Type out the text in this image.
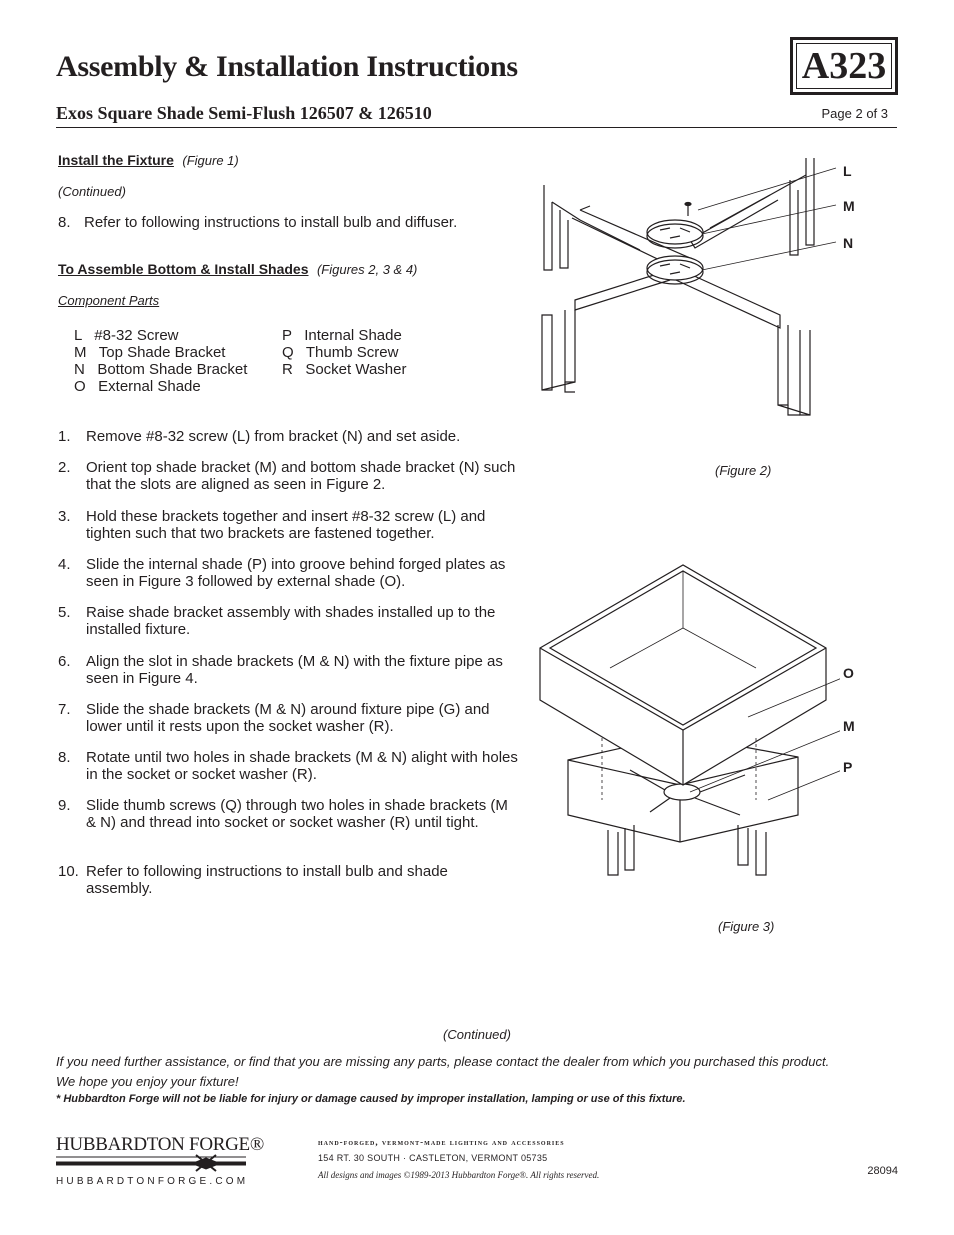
Assembly & Installation Instructions	A323
Exos Square Shade Semi-Flush 126507 & 126510	Page 2 of 3
Install the Fixture (Figure 1)
(Continued)
8. Refer to following instructions to install bulb and diffuser.
To Assemble Bottom & Install Shades (Figures 2, 3 & 4)
Component Parts
L   #8-32 Screw	P   Internal Shade
M   Top Shade Bracket	Q   Thumb Screw
N   Bottom Shade Bracket R   Socket Washer
O   External Shade
1. Remove #8-32 screw (L) from bracket (N) and set aside.
2. Orient top shade bracket (M) and bottom shade bracket (N) such that the slots are aligned as seen in Figure 2.
3. Hold these brackets together and insert #8-32 screw (L) and tighten such that two brackets are fastened together.
4. Slide the internal shade (P) into groove behind forged plates as seen in Figure 3 followed by external shade (O).
5. Raise shade bracket assembly with shades installed up to the installed fixture.
6. Align the slot in shade brackets (M & N) with the fixture pipe as seen in Figure 4.
7. Slide the shade brackets (M & N) around fixture pipe (G) and lower until it rests upon the socket washer (R).
8. Rotate until two holes in shade brackets (M & N) alight with holes in the socket or socket washer (R).
9. Slide thumb screws (Q) through two holes in shade brackets (M & N) and thread into socket or socket washer (R) until tight.
10. Refer to following instructions to install bulb and shade assembly.
L
M
N
(Figure 2)
O
M
P
(Figure 3)
(Continued)
If you need further assistance, or find that you are missing any parts, please contact the dealer from which you purchased this product.
We hope you enjoy your fixture!
* Hubbardton Forge will not be liable for injury or damage caused by improper installation, lamping or use of this fixture.
HUBBARDTON FORGE®
HUBBARDTONFORGE.COM
hand-forged, vermont-made lighting and accessories
154 RT. 30 SOUTH · CASTLETON, VERMONT 05735
All designs and images ©1989-2013 Hubbardton Forge®. All rights reserved.	28094
